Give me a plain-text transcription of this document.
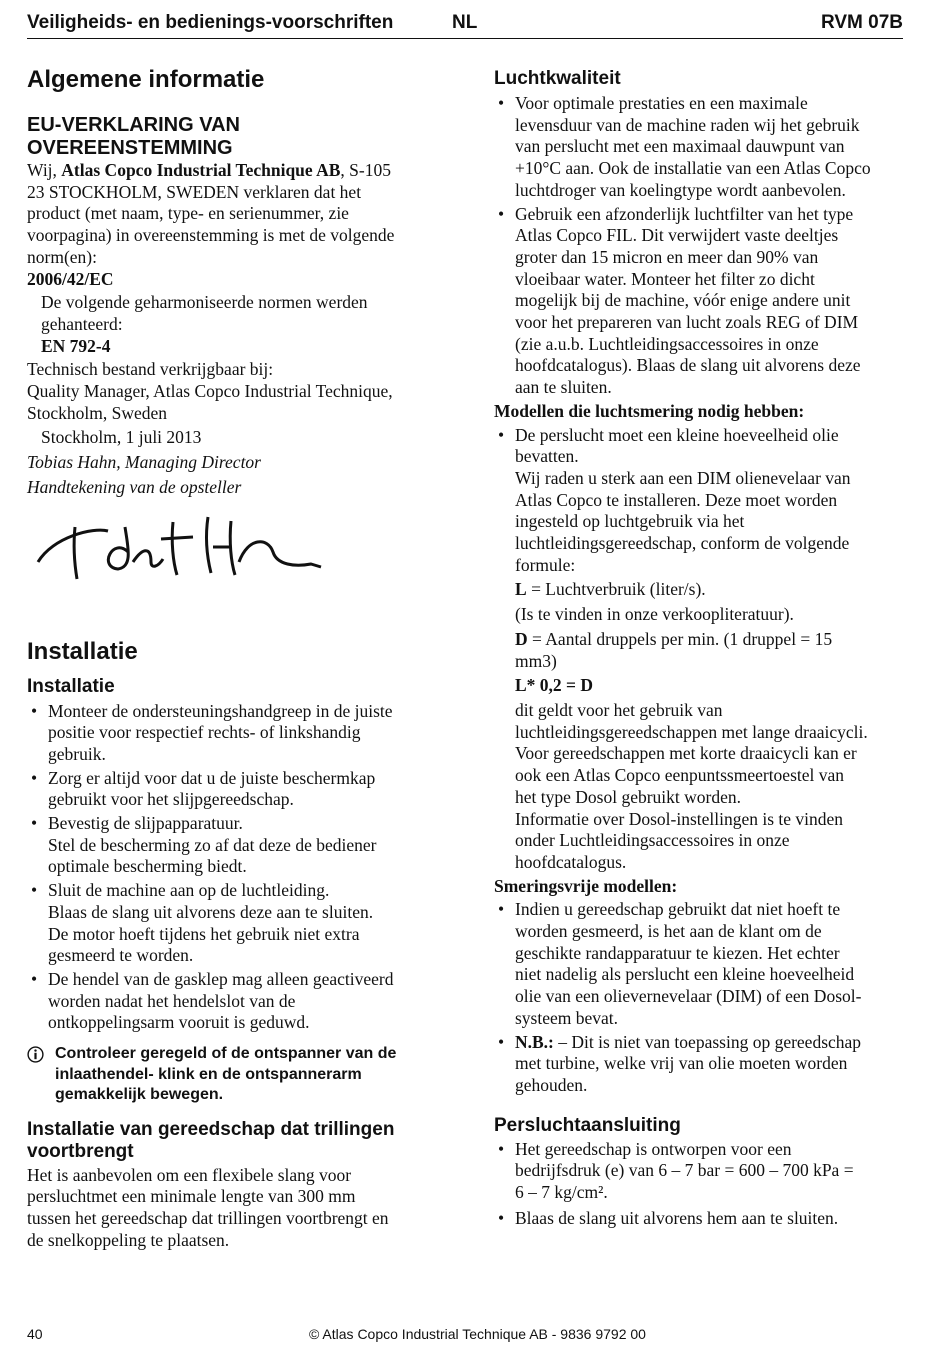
Veiligheids- en bedienings-voorschriften	NL	RVM 07B
Algemene informatie
EU-VERKLARING VAN
OVEREENSTEMMING

Wij, Atlas Copco Industrial Technique AB, S-105
23 STOCKHOLM, SWEDEN verklaren dat het
product (met naam, type- en serienummer, zie
voorpagina) in overeenstemming is met de volgende
norm(en):

2006/42/EC

De volgende geharmoniseerde normen werden
gehanteerd:

EN 792-4

Technisch bestand verkrijgbaar bij:
Quality Manager, Atlas Copco Industrial Technique,
Stockholm, Sweden

Stockholm, 1 juli 2013

Tobias Hahn, Managing Director

Handtekening van de opsteller

Installatie
Installatie
• Monteer de ondersteuningshandgreep in de juiste
positie voor respectief rechts- of linkshandig
gebruik.
• Zorg er altijd voor dat u de juiste beschermkap
gebruikt voor het slijpgereedschap.
• Bevestig de slijpapparatuur.
Stel de bescherming zo af dat deze de bediener
optimale bescherming biedt.
• Sluit de machine aan op de luchtleiding.
Blaas de slang uit alvorens deze aan te sluiten.
De motor hoeft tijdens het gebruik niet extra
gesmeerd te worden.
• De hendel van de gasklep mag alleen geactiveerd
worden nadat het hendelslot van de
ontkoppelingsarm vooruit is geduwd.
Controleer geregeld of de ontspanner van de
inlaathendel- klink en de ontspannerarm
gemakkelijk bewegen.
Installatie van gereedschap dat trillingen
voortbrengt

Het is aanbevolen om een flexibele slang voor
persluchtmet een minimale lengte van 300 mm
tussen het gereedschap dat trillingen voortbrengt en
de snelkoppeling te plaatsen.

Luchtkwaliteit
• Voor optimale prestaties en een maximale
levensduur van de machine raden wij het gebruik
van perslucht met een maximaal dauwpunt van
+10°C aan. Ook de installatie van een Atlas Copco
luchtdroger van koelingtype wordt aanbevolen.
• Gebruik een afzonderlijk luchtfilter van het type
Atlas Copco FIL. Dit verwijdert vaste deeltjes
groter dan 15 micron en meer dan 90% van
vloeibaar water. Monteer het filter zo dicht
mogelijk bij de machine, vóór enige andere unit
voor het prepareren van lucht zoals REG of DIM
(zie a.u.b. Luchtleidingsaccessoires in onze
hoofdcatalogus). Blaas de slang uit alvorens deze
aan te sluiten.

Modellen die luchtsmering nodig hebben:

• De perslucht moet een kleine hoeveelheid olie
bevatten.
Wij raden u sterk aan een DIM olienevelaar van
Atlas Copco te installeren. Deze moet worden
ingesteld op luchtgebruik via het
luchtleidingsgereedschap, conform de volgende
formule:
L = Luchtverbruik (liter/s).
(Is te vinden in onze verkoopliteratuur).
D = Aantal druppels per min. (1 druppel = 15
mm3)
L* 0,2 = D
dit geldt voor het gebruik van
luchtleidingsgereedschappen met lange draaicycli.
Voor gereedschappen met korte draaicycli kan er
ook een Atlas Copco eenpuntssmeertoestel van
het type Dosol gebruikt worden.
Informatie over Dosol-instellingen is te vinden
onder Luchtleidingsaccessoires in onze
hoofdcatalogus.

Smeringsvrije modellen:

• Indien u gereedschap gebruikt dat niet hoeft te
worden gesmeerd, is het aan de klant om de
geschikte randapparatuur te kiezen. Het echter
niet nadelig als perslucht een kleine hoeveelheid
olie van een olievernevelaar (DIM) of een Dosol-
systeem bevat.
• N.B.: – Dit is niet van toepassing op gereedschap
met turbine, welke vrij van olie moeten worden
gehouden.
Persluchtaansluiting
• Het gereedschap is ontworpen voor een
bedrijfsdruk (e) van 6 – 7 bar = 600 – 700 kPa =
6 – 7 kg/cm².
• Blaas de slang uit alvorens hem aan te sluiten.
40	© Atlas Copco Industrial Technique AB - 9836 9792 00
